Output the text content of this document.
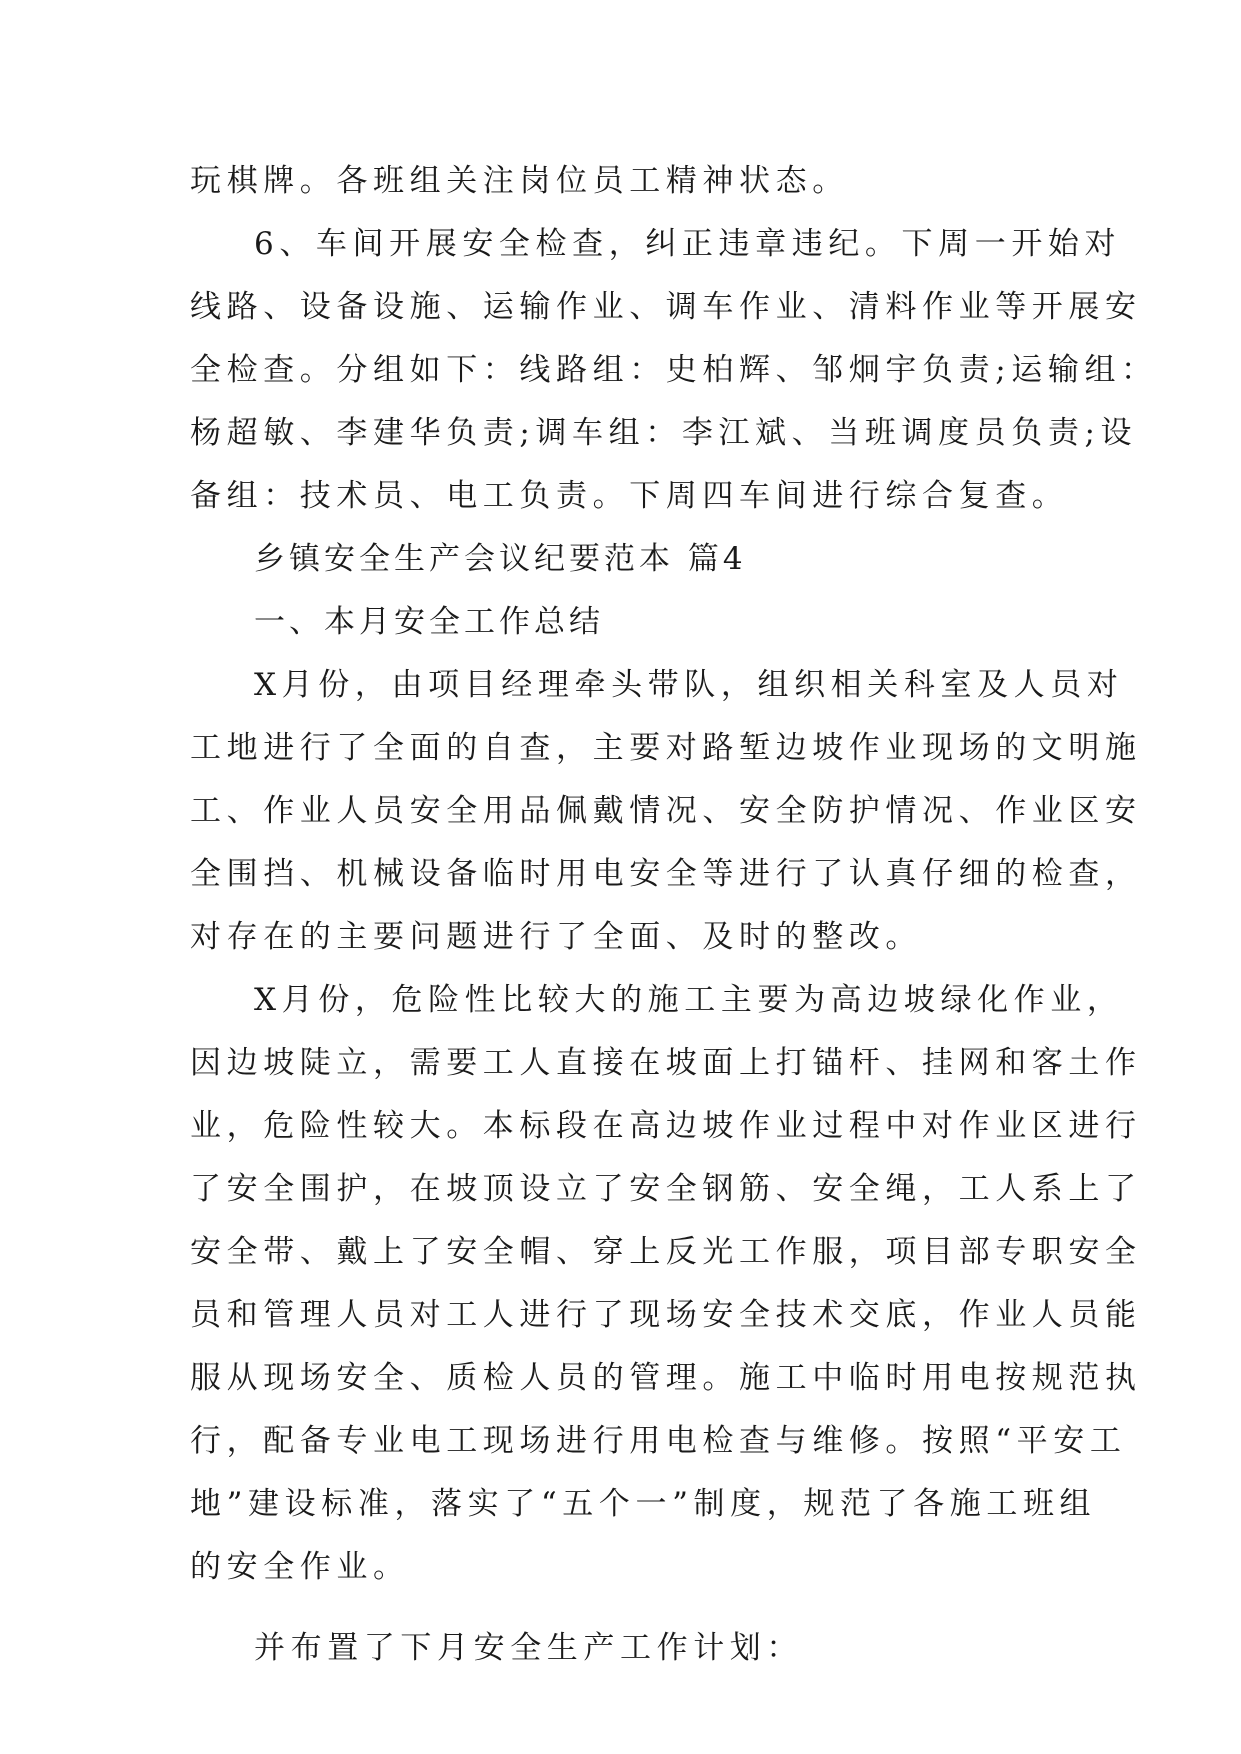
玩棋牌。各班组关注岗位员工精神状态。
6、车间开展安全检查，纠正违章违纪。下周一开始对
线路、设备设施、运输作业、调车作业、清料作业等开展安
全检查。分组如下：线路组：史柏辉、邹炯宇负责;运输组：
杨超敏、李建华负责;调车组：李江斌、当班调度员负责;设
备组：技术员、电工负责。下周四车间进行综合复查。
乡镇安全生产会议纪要范本 篇4
一、本月安全工作总结
X月份，由项目经理牵头带队，组织相关科室及人员对
工地进行了全面的自查，主要对路堑边坡作业现场的文明施
工、作业人员安全用品佩戴情况、安全防护情况、作业区安
全围挡、机械设备临时用电安全等进行了认真仔细的检查，
对存在的主要问题进行了全面、及时的整改。
X月份，危险性比较大的施工主要为高边坡绿化作业，
因边坡陡立，需要工人直接在坡面上打锚杆、挂网和客土作
业，危险性较大。本标段在高边坡作业过程中对作业区进行
了安全围护，在坡顶设立了安全钢筋、安全绳，工人系上了
安全带、戴上了安全帽、穿上反光工作服，项目部专职安全
员和管理人员对工人进行了现场安全技术交底，作业人员能
服从现场安全、质检人员的管理。施工中临时用电按规范执
行，配备专业电工现场进行用电检查与维修。按照“平安工
地”建设标准，落实了“五个一”制度，规范了各施工班组
的安全作业。
并布置了下月安全生产工作计划：
